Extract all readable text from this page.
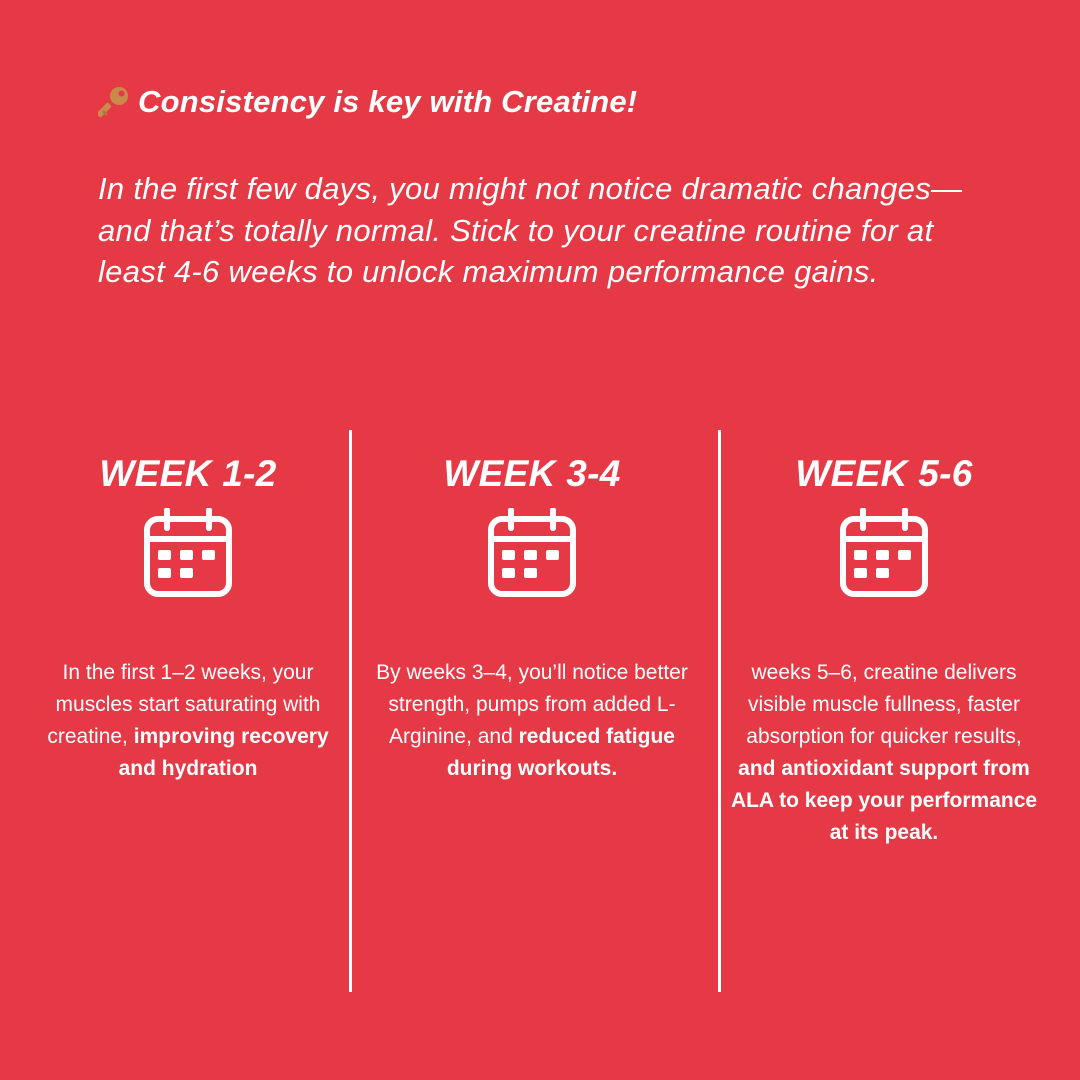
Consistency is key with Creatine!
In the first few days, you might not notice dramatic changes—and that’s totally normal. Stick to your creatine routine for at least 4-6 weeks to unlock maximum performance gains.
WEEK 1-2
In the first 1–2 weeks, your muscles start saturating with creatine, improving recovery and hydration
WEEK 3-4
By weeks 3–4, you’ll notice better strength, pumps from added L-Arginine, and reduced fatigue during workouts.
WEEK 5-6
weeks 5–6, creatine delivers visible muscle fullness, faster absorption for quicker results, and antioxidant support from ALA to keep your performance at its peak.
